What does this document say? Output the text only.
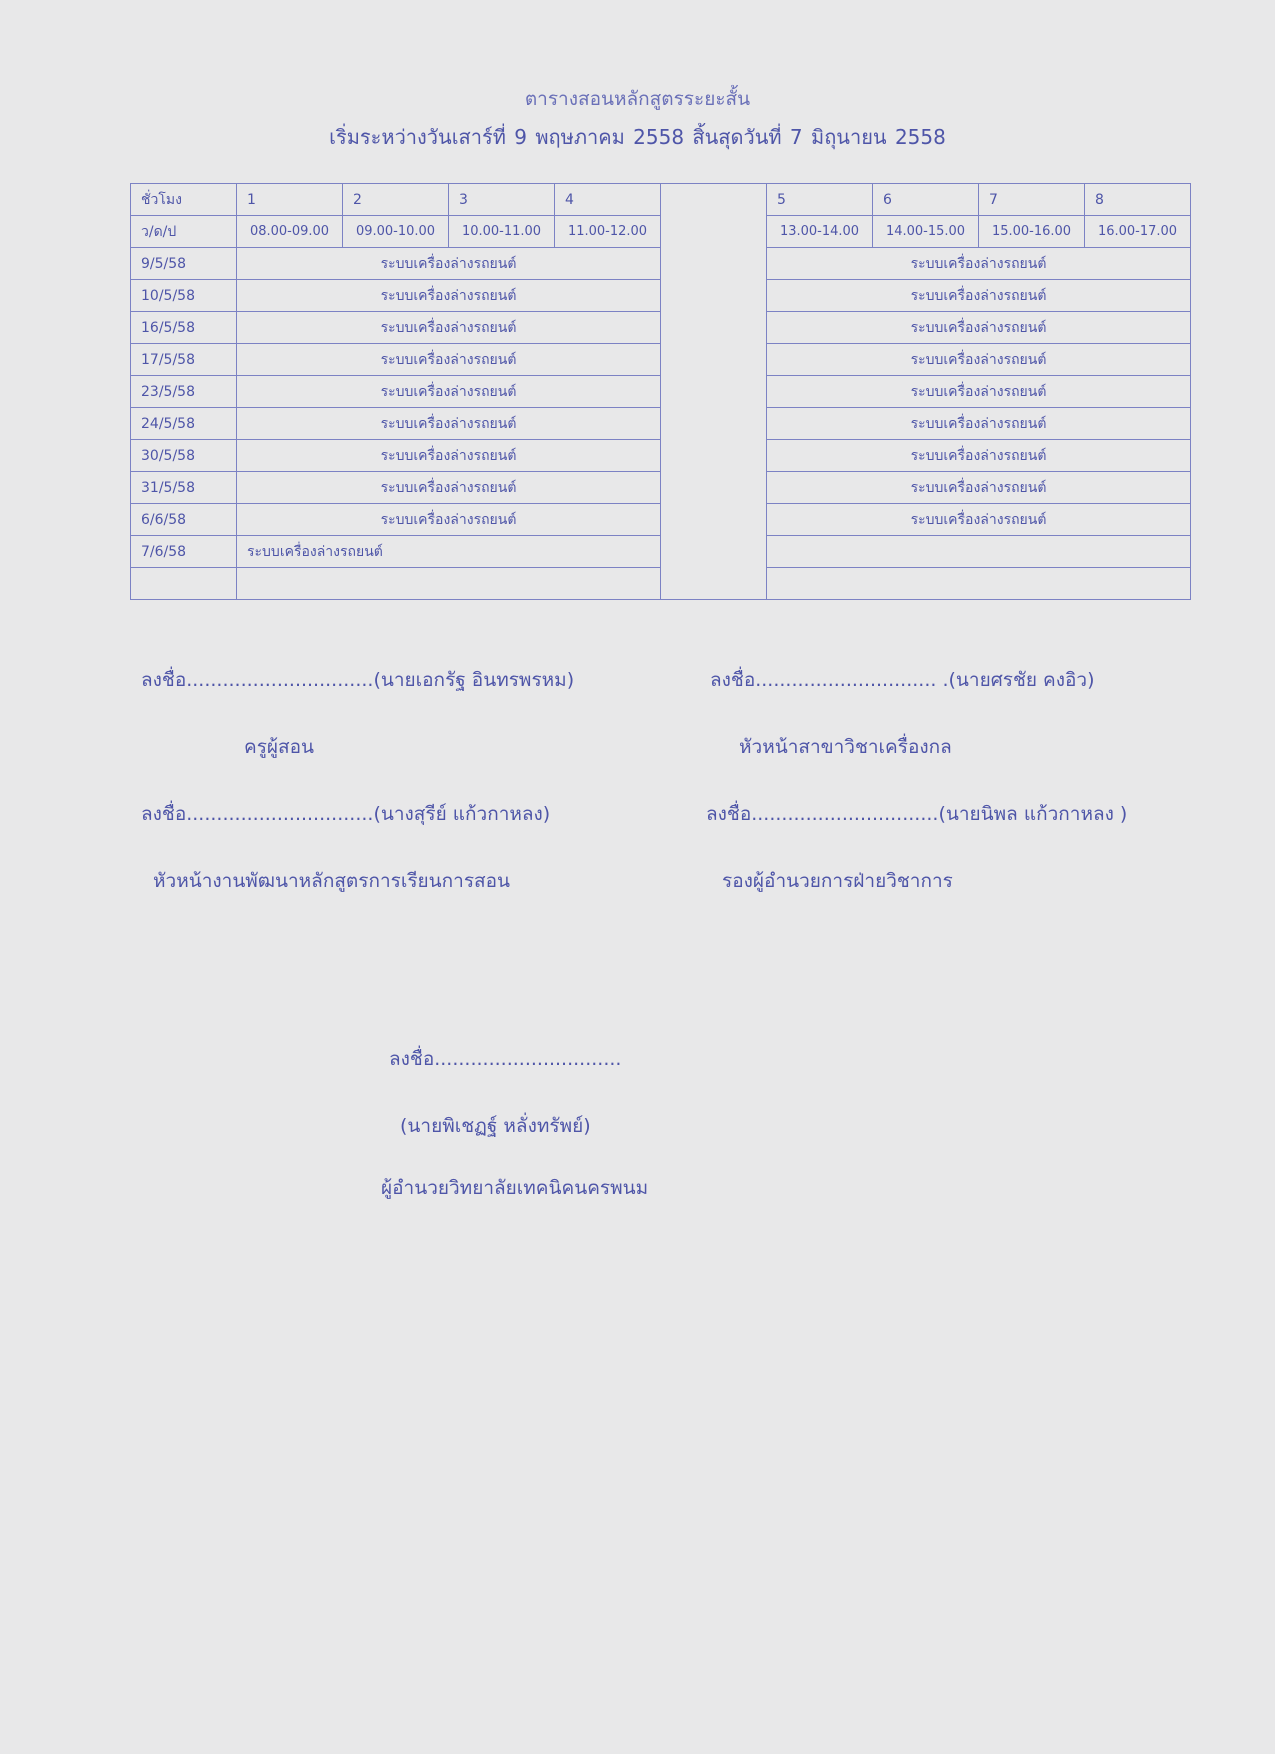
ตารางสอนหลักสูตรระยะสั้น
เริ่มระหว่างวันเสาร์ที่ 9 พฤษภาคม 2558 สิ้นสุดวันที่ 7 มิถุนายน 2558
ชั่วโมง	1	2	3	4		5	6	7	8
ว/ด/ป	08.00-09.00	09.00-10.00	10.00-11.00	11.00-12.00		13.00-14.00	14.00-15.00	15.00-16.00	16.00-17.00
9/5/58	ระบบเครื่องล่างรถยนต์					ระบบเครื่องล่างรถยนต์			
10/5/58	ระบบเครื่องล่างรถยนต์					ระบบเครื่องล่างรถยนต์			
16/5/58	ระบบเครื่องล่างรถยนต์					ระบบเครื่องล่างรถยนต์			
17/5/58	ระบบเครื่องล่างรถยนต์					ระบบเครื่องล่างรถยนต์			
23/5/58	ระบบเครื่องล่างรถยนต์					ระบบเครื่องล่างรถยนต์			
24/5/58	ระบบเครื่องล่างรถยนต์					ระบบเครื่องล่างรถยนต์			
30/5/58	ระบบเครื่องล่างรถยนต์					ระบบเครื่องล่างรถยนต์			
31/5/58	ระบบเครื่องล่างรถยนต์					ระบบเครื่องล่างรถยนต์			
6/6/58	ระบบเครื่องล่างรถยนต์					ระบบเครื่องล่างรถยนต์			
7/6/58	ระบบเครื่องล่างรถยนต์								

ลงชื่อ...............................(นายเอกรัฐ อินทรพรหม)
ครูผู้สอน
ลงชื่อ.............................. .(นายศรชัย คงอิว)
หัวหน้าสาขาวิชาเครื่องกล
ลงชื่อ...............................(นางสุรีย์ แก้วกาหลง)
หัวหน้างานพัฒนาหลักสูตรการเรียนการสอน
ลงชื่อ...............................(นายนิพล แก้วกาหลง )
รองผู้อำนวยการฝ่ายวิชาการ
ลงชื่อ...............................
(นายพิเชฏฐ์ หลั่งทรัพย์)
ผู้อำนวยวิทยาลัยเทคนิคนครพนม
